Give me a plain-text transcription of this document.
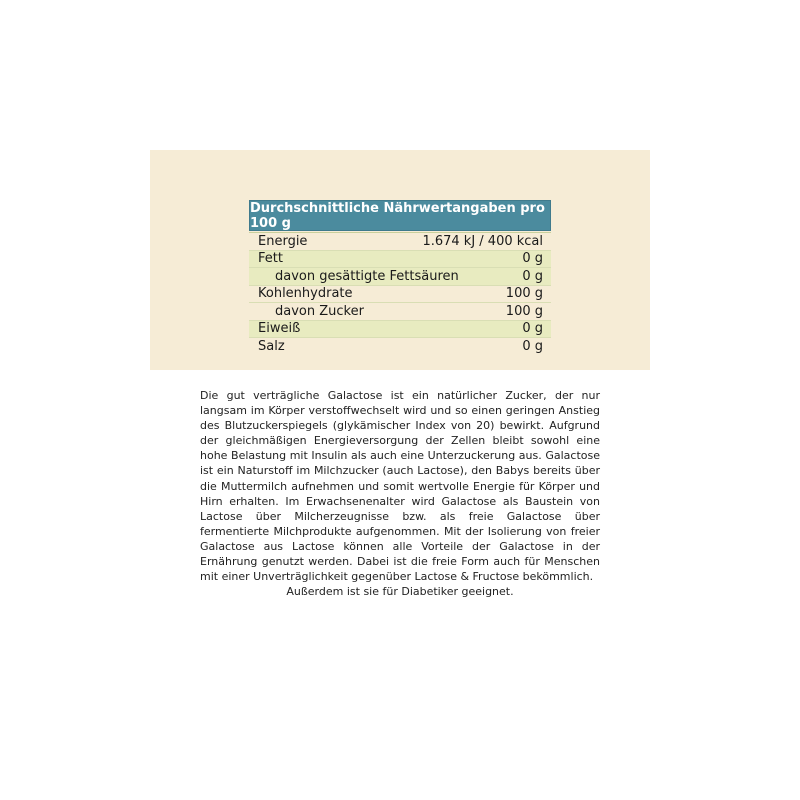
Durchschnittliche Nährwertangaben pro 100 g
Energie	1.674 kJ / 400 kcal
Fett	0 g
davon gesättigte Fettsäuren	0 g
Kohlenhydrate	100 g
davon Zucker	100 g
Eiweiß	0 g
Salz	0 g
Die gut verträgliche Galactose ist ein natürlicher Zucker, der nur langsam im Körper verstoffwechselt wird und so einen geringen Anstieg des Blutzuckerspiegels (glykämischer Index von 20) bewirkt. Aufgrund der gleichmäßigen Energieversorgung der Zellen bleibt sowohl eine hohe Belastung mit Insulin als auch eine Unterzuckerung aus. Galactose ist ein Naturstoff im Milchzucker (auch Lactose), den Babys bereits über die Muttermilch aufnehmen und somit wertvolle Energie für Körper und Hirn erhalten. Im Erwachsenenalter wird Galactose als Baustein von Lactose über Milcherzeugnisse bzw. als freie Galactose über fermentierte Milchprodukte aufgenommen. Mit der Isolierung von freier Galactose aus Lactose können alle Vorteile der Galactose in der Ernährung genutzt werden. Dabei ist die freie Form auch für Menschen mit einer Unverträglichkeit gegenüber Lactose & Fructose bekömmlich.
Außerdem ist sie für Diabetiker geeignet.
